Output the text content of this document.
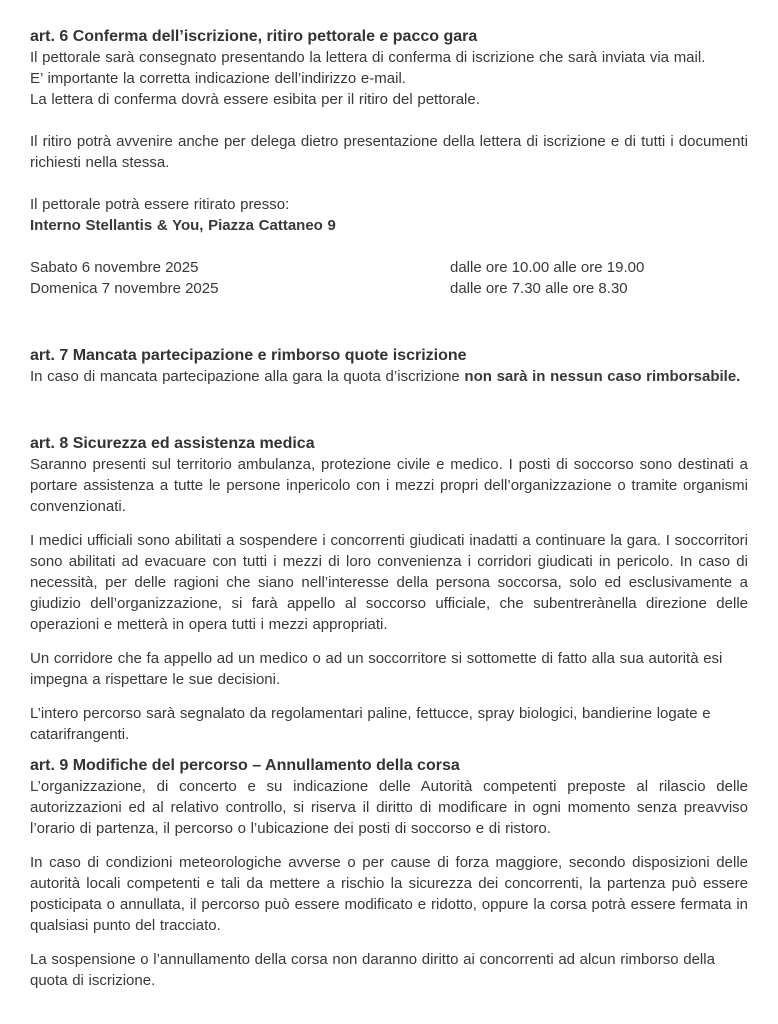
art. 6 Conferma dell’iscrizione, ritiro pettorale e pacco gara

Il pettorale sarà consegnato presentando la lettera di conferma di iscrizione che sarà inviata via mail.

E’ importante la corretta indicazione dell’indirizzo e-mail.

La lettera di conferma dovrà essere esibita per il ritiro del pettorale.

Il ritiro potrà avvenire anche per delega dietro presentazione della lettera di iscrizione e di tutti i documenti richiesti nella stessa.

Il pettorale potrà essere ritirato presso:

Interno Stellantis & You, Piazza Cattaneo 9

Sabato 6 novembre 2025	dalle ore 10.00 alle ore 19.00
Domenica 7 novembre 2025	dalle ore 7.30 alle ore 8.30
art. 7 Mancata partecipazione e rimborso quote iscrizione

In caso di mancata partecipazione alla gara la quota d’iscrizione non sarà in nessun caso rimborsabile.

art. 8 Sicurezza ed assistenza medica

Saranno presenti sul territorio ambulanza, protezione civile e medico. I posti di soccorso sono destinati a portare assistenza a tutte le persone inpericolo con i mezzi propri dell’organizzazione o tramite organismi convenzionati.

I medici ufficiali sono abilitati a sospendere i concorrenti giudicati inadatti a continuare la gara. I soccorritori sono abilitati ad evacuare con tutti i mezzi di loro convenienza i corridori giudicati in pericolo. In caso di necessità, per delle ragioni che siano nell’interesse della persona soccorsa, solo ed esclusivamente a giudizio dell’organizzazione, si farà appello al soccorso ufficiale, che subentrerànella direzione delle operazioni e metterà in opera tutti i mezzi appropriati.

Un corridore che fa appello ad un medico o ad un soccorritore si sottomette di fatto alla sua autorità esi impegna a rispettare le sue decisioni.

L’intero percorso sarà segnalato da regolamentari paline, fettucce, spray biologici, bandierine logate e catarifrangenti.

art. 9 Modifiche del percorso – Annullamento della corsa

L’organizzazione, di concerto e su indicazione delle Autorità competenti preposte al rilascio delle autorizzazioni ed al relativo controllo, si riserva il diritto di modificare in ogni momento senza preavviso l’orario di partenza, il percorso o l’ubicazione dei posti di soccorso e di ristoro.

In caso di condizioni meteorologiche avverse o per cause di forza maggiore, secondo disposizioni delle autorità locali competenti e tali da mettere a rischio la sicurezza dei concorrenti, la partenza può essere posticipata o annullata, il percorso può essere modificato e ridotto, oppure la corsa potrà essere fermata in qualsiasi punto del tracciato.

La sospensione o l’annullamento della corsa non daranno diritto ai concorrenti ad alcun rimborso della quota di iscrizione.
